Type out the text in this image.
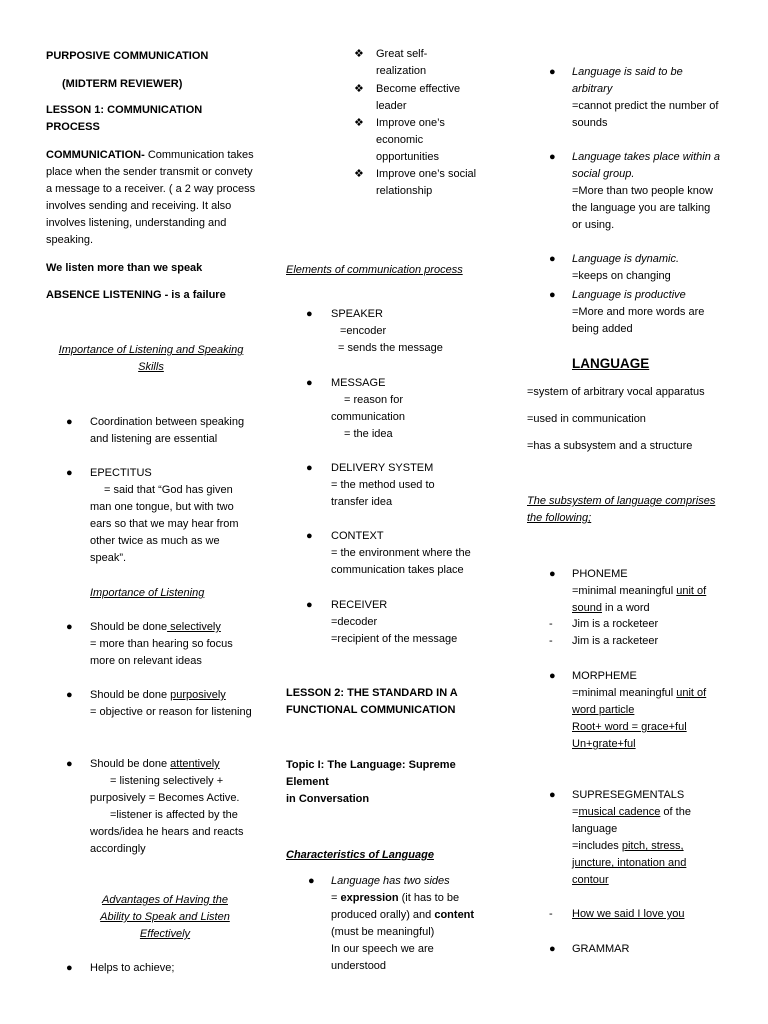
PURPOSIVE COMMUNICATION
(MIDTERM REVIEWER)
LESSON 1: COMMUNICATION PROCESS
COMMUNICATION- Communication takes place when the sender transmit or convety a message to a receiver. ( a 2 way process involves sending and receiving. It also involves listening, understanding and speaking.
We listen more than we speak
ABSENCE LISTENING - is a failure
Importance of Listening and Speaking Skills
● Coordination between speaking and listening are essential
● EPECTITUS
= said that “God has given man one tongue, but with two ears so that we may hear from other twice as much as we speak”.
Importance of Listening
● Should be done selectively
= more than hearing so focus more on relevant ideas
● Should be done purposively
= objective or reason for listening
● Should be done attentively
= listening selectively + purposively = Becomes Active.
=listener is affected by the words/idea he hears and reacts accordingly
Advantages of Having the Ability to Speak and Listen Effectively
● Helps to achieve;
❖ Great self-realization
❖ Become effective leader
❖ Improve one’s economic opportunities
❖ Improve one’s social relationship
Elements of communication process
● SPEAKER
=encoder
= sends the message
● MESSAGE
= reason for
communication
= the idea
● DELIVERY SYSTEM
= the method used to transfer idea
● CONTEXT
= the environment where the communication takes place
● RECEIVER
=decoder
=recipient of the message
LESSON 2: THE STANDARD IN A FUNCTIONAL COMMUNICATION
Topic I: The Language: Supreme Element
in Conversation
Characteristics of Language
● Language has two sides
= expression (it has to be produced orally) and content (must be meaningful)
In our speech we are understood
● Language is said to be arbitrary
=cannot predict the number of sounds
● Language takes place within a social group.
=More than two people know the language you are talking or using.
● Language is dynamic.
=keeps on changing
● Language is productive
=More and more words are being added
LANGUAGE
=system of arbitrary vocal apparatus
=used in communication
=has a subsystem and a structure
The subsystem of language comprises the following;
● PHONEME
=minimal meaningful unit of sound in a word
- Jim is a rocketeer
- Jim is a racketeer
● MORPHEME
=minimal meaningful unit of word particle
Root+ word = grace+ful
Un+grate+ful
● SUPRESEGMENTALS
=musical cadence of the language
=includes pitch, stress, juncture, intonation and contour
- How we said I love you
● GRAMMAR
